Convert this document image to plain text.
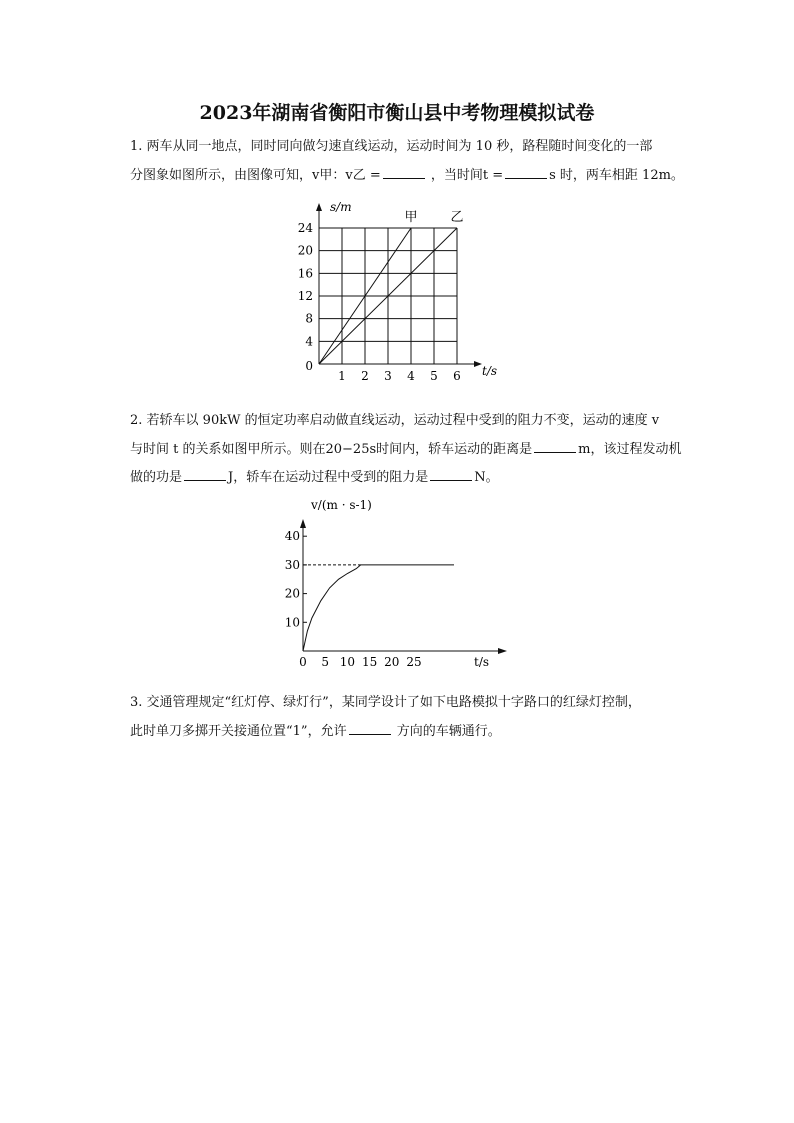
2023年湖南省衡阳市衡山县中考物理模拟试卷
1. 两车从同一地点，同时同向做匀速直线运动，运动时间为 10 秒，路程随时间变化的一部
分图象如图所示，由图像可知，v甲：v乙 =	，当时间t =	s 时，两车相距 12m。
1 2 3 4 5 6
0
4
8
12
16
20
24
s/m
t/s
甲	乙
2. 若轿车以 90kW 的恒定功率启动做直线运动，运动过程中受到的阻力不变，运动的速度 v
与时间 t 的关系如图甲所示。则在20−25s时间内，轿车运动的距离是	m，该过程发动机
做的功是	J，轿车在运动过程中受到的阻力是	N。
10
20
30
40
0 5 10 15 20 25
v/(m · s-1)
t/s
3. 交通管理规定“红灯停、绿灯行”，某同学设计了如下电路模拟十字路口的红绿灯控制，
此时单刀多掷开关接通位置“1”，允许	方向的车辆通行。
